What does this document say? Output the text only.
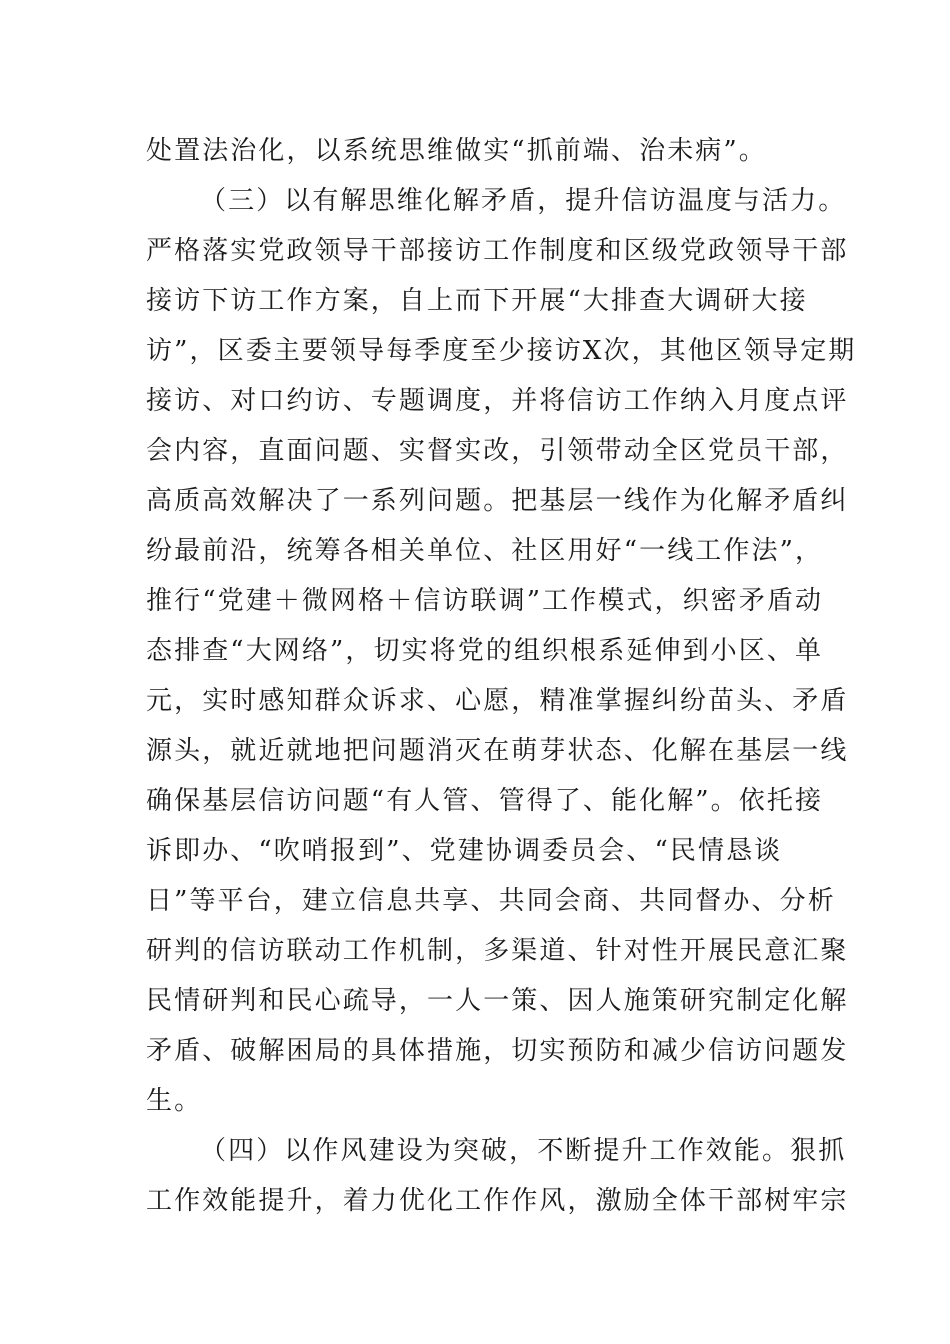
处置法治化，以系统思维做实“抓前端、治未病”。
（三）以有解思维化解矛盾，提升信访温度与活力。
严格落实党政领导干部接访工作制度和区级党政领导干部
接访下访工作方案，自上而下开展“大排查大调研大接
访”，区委主要领导每季度至少接访X次，其他区领导定期
接访、对口约访、专题调度，并将信访工作纳入月度点评
会内容，直面问题、实督实改，引领带动全区党员干部，
高质高效解决了一系列问题。把基层一线作为化解矛盾纠
纷最前沿，统筹各相关单位、社区用好“一线工作法”，
推行“党建＋微网格＋信访联调”工作模式，织密矛盾动
态排查“大网络”，切实将党的组织根系延伸到小区、单
元，实时感知群众诉求、心愿，精准掌握纠纷苗头、矛盾
源头，就近就地把问题消灭在萌芽状态、化解在基层一线
确保基层信访问题“有人管、管得了、能化解”。依托接
诉即办、“吹哨报到”、党建协调委员会、“民情恳谈
日”等平台，建立信息共享、共同会商、共同督办、分析
研判的信访联动工作机制，多渠道、针对性开展民意汇聚
民情研判和民心疏导，一人一策、因人施策研究制定化解
矛盾、破解困局的具体措施，切实预防和减少信访问题发
生。
（四）以作风建设为突破，不断提升工作效能。狠抓
工作效能提升，着力优化工作作风，激励全体干部树牢宗
